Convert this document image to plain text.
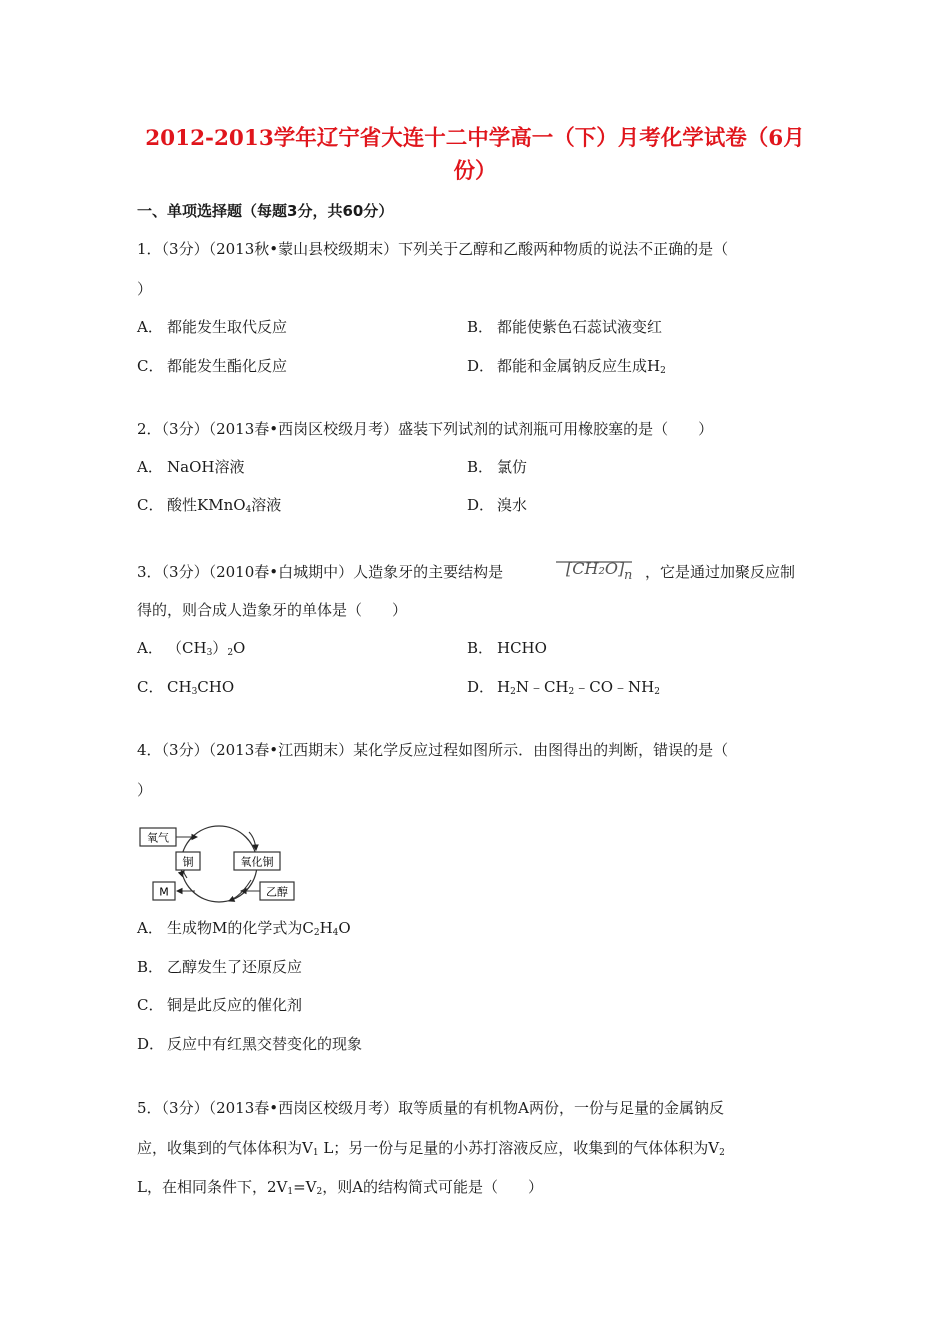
2012-2013学年辽宁省大连十二中学高一（下）月考化学试卷（6月
份）
一、单项选择题（每题3分，共60分）
1．（3分）（2013秋•蒙山县校级期末）下列关于乙醇和乙酸两种物质的说法不正确的是（
）
A． 都能发生取代反应	B． 都能使紫色石蕊试液变红
C． 都能发生酯化反应	D． 都能和金属钠反应生成$H_2$
2．（3分）（2013春•西岗区校级月考）盛装下列试剂的试剂瓶可用橡胶塞的是（　　）
A． NaOH溶液	B． 氯仿
C． 酸性KMnO$_4$溶液	D． 溴水
3．（3分）（2010春•白城期中）人造象牙的主要结构是	[CH₂O] n ，它是通过加聚反应制
得的，则合成人造象牙的单体是（　　）
A． $(CH_3)_2O$	B． HCHO
C． $CH_3CHO$	D． $H_2N﹣CH_2﹣CO﹣NH_2$
4．（3分）（2013春•江西期末）某化学反应过程如图所示．由图得出的判断，错误的是（
）
氧气
铜	氧化铜
M	乙醇
A． 生成物M的化学式为$C_2H_4O$
B． 乙醇发生了还原反应
C． 铜是此反应的催化剂
D． 反应中有红黑交替变化的现象
5．（3分）（2013春•西岗区校级月考）取等质量的有机物A两份，一份与足量的金属钠反
应，收集到的气体体积为$V_1$ L；另一份与足量的小苏打溶液反应，收集到的气体体积为$V_2$
L，在相同条件下，$2V_1=V_2$，则A的结构简式可能是（　　）
